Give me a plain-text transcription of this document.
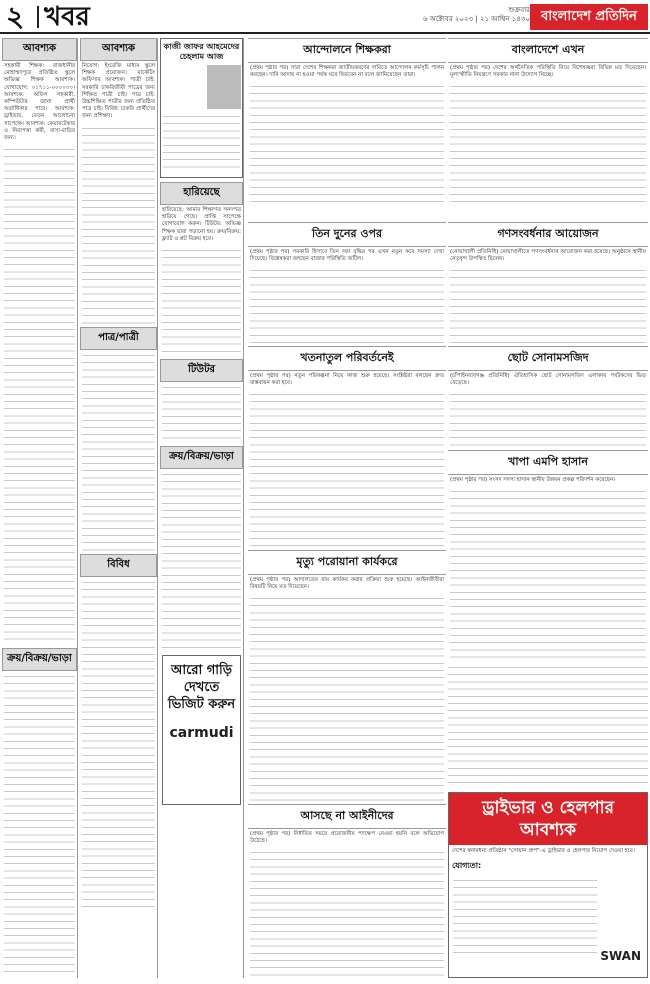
২ খবর	শুক্রবার
৬ অক্টোবর ২০২৩ | ২১ আশ্বিন ১৪৩০ বাংলাদেশ প্রতিদিন
আবশ্যক
সহকারী শিক্ষক: রাজধানীর মোহাম্মদপুরে প্রতিষ্ঠিত স্কুলে অভিজ্ঞ শিক্ষক আবশ্যক। যোগাযোগ: ০১৭১১-০০০০০০। আবশ্যক: অফিস সহকারী, কম্পিউটার জানা প্রার্থী অগ্রাধিকার পাবে। আবশ্যক: ড্রাইভার, বেতন আলোচনা সাপেক্ষে। আবশ্যক: কেয়ারটেকার ও নিরাপত্তা কর্মী, বাসা-বাড়ির জন্য।
ক্রয়/বিক্রয়/ভাড়া
আবশ্যক
নিয়োগ: ইংরেজি মাধ্যম স্কুলে শিক্ষক প্রয়োজন। মার্কেটিং অফিসার আবশ্যক। পাত্রী চাই: সরকারি চাকরিজীবী পাত্রের জন্য শিক্ষিত পাত্রী চাই। পাত্র চাই: উচ্চশিক্ষিত পাত্রীর জন্য প্রতিষ্ঠিত পাত্র চাই। বিবিধ: চাকরি প্রার্থীদের জন্য প্রশিক্ষণ।
পাত্র/পাত্রী
বিবিধ
কাজী জাফর আহমেদের চেহলাম আজ
হারিয়েছে
হারিয়েছে: আমার শিক্ষাগত সনদপত্র হারিয়ে গেছে। প্রাপ্তি সাপেক্ষে যোগাযোগ করুন। টিউটর: অভিজ্ঞ শিক্ষক দ্বারা পড়ানো হয়। ক্রয়/বিক্রয়: ফ্ল্যাট ও প্লট বিক্রয় হবে।
টিউটর
ক্রয়/বিক্রয়/ভাড়া
আরো গাড়ি দেখতে ভিজিট করুন
carmudi
আন্দোলনে শিক্ষকরা
(প্রথম পৃষ্ঠার পর) সারা দেশের শিক্ষকরা জাতীয়করণের দাবিতে আন্দোলন কর্মসূচি পালন করছেন। দাবি আদায় না হওয়া পর্যন্ত ঘরে ফিরবেন না বলে জানিয়েছেন তারা।
বাংলাদেশে এখন
(প্রথম পৃষ্ঠার পর) দেশের অর্থনৈতিক পরিস্থিতি নিয়ে বিশেষজ্ঞরা বিভিন্ন মত দিয়েছেন। মূল্যস্ফীতি নিয়ন্ত্রণে সরকার নানা উদ্যোগ নিচ্ছে।
তিন দুনের ওপর
(প্রথম পৃষ্ঠার পর) সরকারি হিসাবে তিন দফা বৃদ্ধির পর এখন নতুন করে সমস্যা দেখা দিয়েছে। বিশ্লেষকরা বলছেন বাজার পরিস্থিতি জটিল।
গণসংবর্ধনার আয়োজন
(নোয়াখালী প্রতিনিধি) নোয়াখালীতে গণসংবর্ধনার আয়োজন করা হয়েছে। অনুষ্ঠানে স্থানীয় নেতৃবৃন্দ উপস্থিত ছিলেন।
খতনাতুল পরিবর্তনেই
(প্রথম পৃষ্ঠার পর) নতুন পরিকল্পনা নিয়ে কাজ শুরু হয়েছে। সংশ্লিষ্টরা বলছেন দ্রুত বাস্তবায়ন করা হবে।
ছোট সোনামসজিদ
(চাঁপাইনবাবগঞ্জ প্রতিনিধি) ঐতিহাসিক ছোট সোনামসজিদ এলাকায় পর্যটকদের ভিড় বেড়েছে।
খাপা এমপি হাসান
(প্রথম পৃষ্ঠার পর) সংসদ সদস্য হাসান স্থানীয় উন্নয়ন প্রকল্প পরিদর্শন করেছেন।
মৃত্যু পরোয়ানা কার্যকরে
(প্রথম পৃষ্ঠার পর) আদালতের রায় কার্যকর করার প্রক্রিয়া শুরু হয়েছে। আইনজীবীরা বিষয়টি নিয়ে মত দিয়েছেন।
আসছে না আইনীদের
(প্রথম পৃষ্ঠার পর) নির্ধারিত সময়ে প্রয়োজনীয় পদক্ষেপ নেওয়া হয়নি বলে অভিযোগ উঠেছে।
ড্রাইভার ও হেলপার আবশ্যক
দেশের স্বনামধন্য প্রতিষ্ঠান "সোয়ান গ্রুপ"-এ ড্রাইভার ও হেলপার নিয়োগ দেওয়া হবে।
যোগ্যতা:
SWAN
